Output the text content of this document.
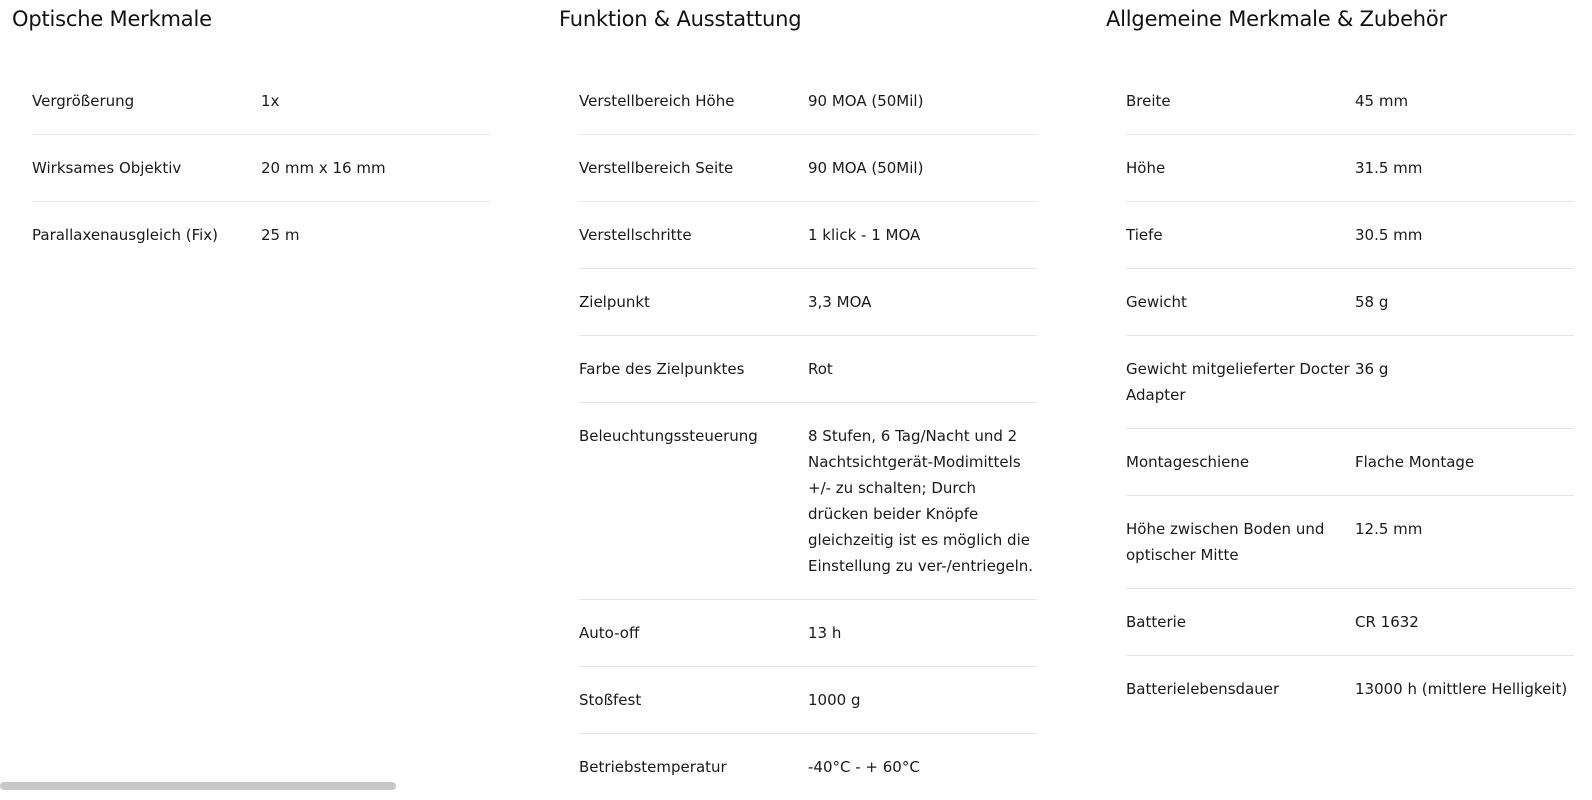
Optische Merkmale
Vergrößerung	1x
Wirksames Objektiv	20 mm x 16 mm
Parallaxenausgleich (Fix)	25 m
Funktion & Ausstattung
Verstellbereich Höhe	90 MOA (50Mil)
Verstellbereich Seite	90 MOA (50Mil)
Verstellschritte	1 klick - 1 MOA
Zielpunkt	3,3 MOA
Farbe des Zielpunktes	Rot
Beleuchtungssteuerung	8 Stufen, 6 Tag/Nacht und 2 Nachtsichtgerät-Modimittels +/- zu schalten; Durch drücken beider Knöpfe gleichzeitig ist es möglich die Einstellung zu ver-/entriegeln.
Auto-off	13 h
Stoßfest	1000 g
Betriebstemperatur	-40°C - + 60°C
Allgemeine Merkmale & Zubehör
Breite	45 mm
Höhe	31.5 mm
Tiefe	30.5 mm
Gewicht	58 g
Gewicht mitgelieferter Docter Adapter	36 g
Montageschiene	Flache Montage
Höhe zwischen Boden und optischer Mitte	12.5 mm
Batterie	CR 1632
Batterielebensdauer	13000 h (mittlere Helligkeit)
